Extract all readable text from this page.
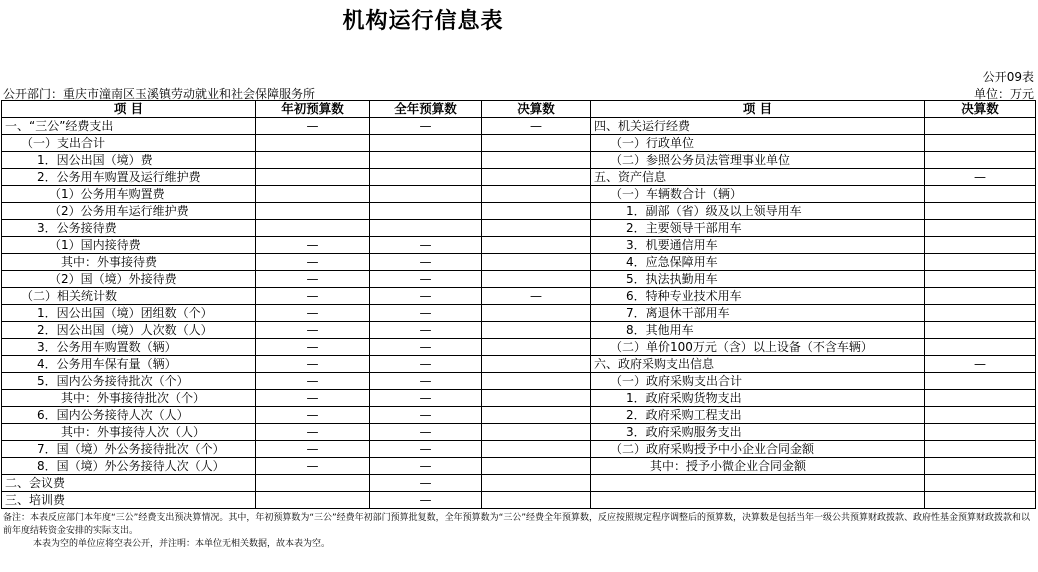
机构运行信息表
公开09表
公开部门：重庆市潼南区玉溪镇劳动就业和社会保障服务所	单位：万元
项 目	年初预算数	全年预算数	决算数	项 目	决算数
一、“三公”经费支出	—	—	—	四、机关运行经费	
（一）支出合计				（一）行政单位	
1．因公出国（境）费				（二）参照公务员法管理事业单位	
2．公务用车购置及运行维护费				五、资产信息	—
（1）公务用车购置费				（一）车辆数合计（辆）	
（2）公务用车运行维护费				1．副部（省）级及以上领导用车	
3．公务接待费				2．主要领导干部用车	
（1）国内接待费	—	—		3．机要通信用车	
其中：外事接待费	—	—		4．应急保障用车	
（2）国（境）外接待费	—	—		5．执法执勤用车	
（二）相关统计数	—	—	—	6．特种专业技术用车	
1．因公出国（境）团组数（个）	—	—		7．离退休干部用车	
2．因公出国（境）人次数（人）	—	—		8．其他用车	
3．公务用车购置数（辆）	—	—		（二）单价100万元（含）以上设备（不含车辆）	
4．公务用车保有量（辆）	—	—		六、政府采购支出信息	—
5．国内公务接待批次（个）	—	—		（一）政府采购支出合计	
其中：外事接待批次（个）	—	—		1．政府采购货物支出	
6．国内公务接待人次（人）	—	—		2．政府采购工程支出	
其中：外事接待人次（人）	—	—		3．政府采购服务支出	
7．国（境）外公务接待批次（个）	—	—		（二）政府采购授予中小企业合同金额	
8．国（境）外公务接待人次（人）	—	—		其中：授予小微企业合同金额	
二、会议费		—			
三、培训费		—			

备注：本表反应部门本年度“三公”经费支出预决算情况。其中，年初预算数为“三公”经费年初部门预算批复数，全年预算数为“三公”经费全年预算数，反应按照规定程序调整后的预算数，决算数是包括当年一级公共预算财政拨款、政府性基金预算财政拨款和以前年度结转资金安排的实际支出。

本表为空的单位应将空表公开，并注明：本单位无相关数据，故本表为空。
